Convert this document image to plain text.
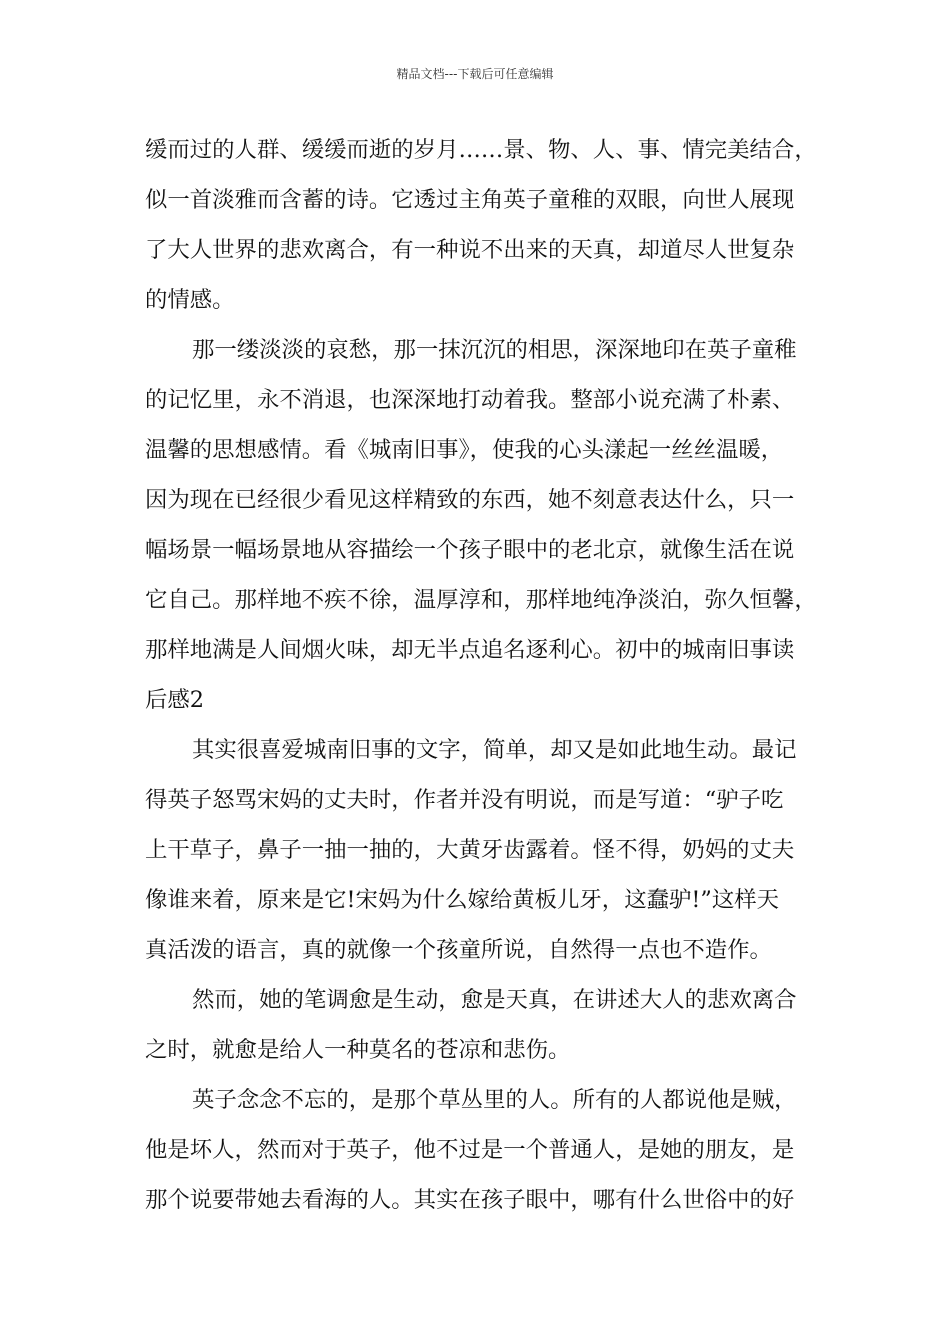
精品文档---下载后可任意编辑
缓而过的人群、缓缓而逝的岁月……景、物、人、事、情完美结合，
似一首淡雅而含蓄的诗。它透过主角英子童稚的双眼，向世人展现
了大人世界的悲欢离合，有一种说不出来的天真，却道尽人世复杂
的情感。
那一缕淡淡的哀愁，那一抹沉沉的相思，深深地印在英子童稚
的记忆里，永不消退，也深深地打动着我。整部小说充满了朴素、
温馨的思想感情。看《城南旧事》，使我的心头漾起一丝丝温暖，
因为现在已经很少看见这样精致的东西，她不刻意表达什么，只一
幅场景一幅场景地从容描绘一个孩子眼中的老北京，就像生活在说
它自己。那样地不疾不徐，温厚淳和，那样地纯净淡泊，弥久恒馨，
那样地满是人间烟火味，却无半点追名逐利心。初中的城南旧事读
后感2
其实很喜爱城南旧事的文字，简单，却又是如此地生动。最记
得英子怒骂宋妈的丈夫时，作者并没有明说，而是写道：“驴子吃
上干草子，鼻子一抽一抽的，大黄牙齿露着。怪不得，奶妈的丈夫
像谁来着，原来是它!宋妈为什么嫁给黄板儿牙，这蠢驴!”这样天
真活泼的语言，真的就像一个孩童所说，自然得一点也不造作。
然而，她的笔调愈是生动，愈是天真，在讲述大人的悲欢离合
之时，就愈是给人一种莫名的苍凉和悲伤。
英子念念不忘的，是那个草丛里的人。所有的人都说他是贼，
他是坏人，然而对于英子，他不过是一个普通人，是她的朋友，是
那个说要带她去看海的人。其实在孩子眼中，哪有什么世俗中的好
